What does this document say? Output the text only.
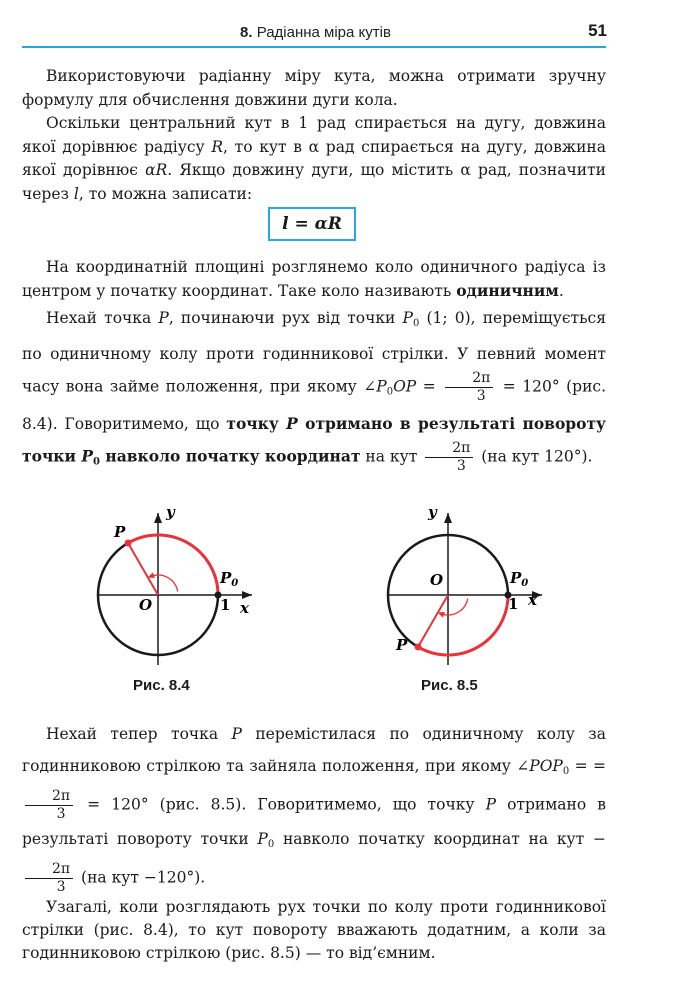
8. Радіанна міра кутів	51

Використовуючи радіанну міру кута, можна отримати зручну формулу для обчислення довжини дуги кола.

Оскільки центральний кут в 1 рад спирається на дугу, довжина якої дорівнює радіусу R, то кут в α рад спирається на дугу, довжина якої дорівнює αR. Якщо довжину дуги, що містить α рад, позначити через l, то можна записати:

l = αR

На координатній площині розглянемо коло одиничного радіуса із центром у початку координат. Таке коло називають одиничним.

Нехай точка P, починаючи рух від точки $P_0$ (1; 0), переміщується по одиничному колу проти годинникової стрілки. У певний момент часу вона займе положення, при якому $\angle P_0OP = \frac{2\pi}{3} = 120^\circ$ (рис. 8.4). Говоритимемо, що точку P отримано в результаті повороту точки $P_0$ навколо початку координат на кут $\frac{2\pi}{3} (на$ кут 120°).

y
x
P
$P_0$
O	1
Рис. 8.4
y
x
P
$P_0$
O
1
Рис. 8.5

Нехай тепер точка P перемістилася по одиничному колу за годинниковою стрілкою та зайняла положення, при якому $\angle POP_0$ = =
$\frac{2\pi}{3} = 120^\circ$ (рис. 8.5). Говоритимемо, що точку P отримано в результаті повороту точки $P_0$ навколо початку координат на кут −
$\frac{2\pi}{3} (на$ кут −120°).

Узагалі, коли розглядають рух точки по колу проти годинникової стрілки (рис. 8.4), то кут повороту вважають додатним, а коли за годинниковою стрілкою (рис. 8.5) — то від’ємним.
